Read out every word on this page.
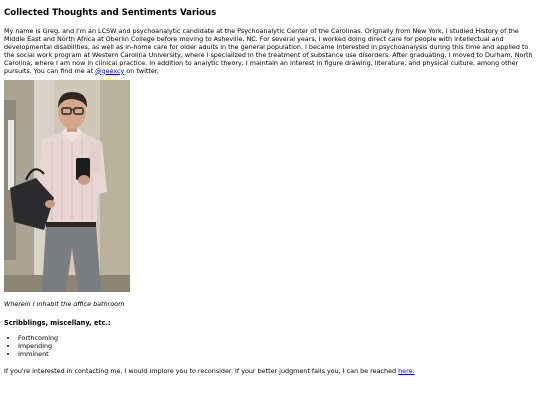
Collected Thoughts and Sentiments Various

My name is Greg, and I'm an LCSW and psychoanalytic candidate at the Psychoanalytic Center of the Carolinas. Orignally from New York, I studied History of the Middle East and North Africa at Oberlin College before moving to Asheville, NC. For several years, I worked doing direct care for people with intellectual and developmental disabilities, as well as in-home care for older adults in the general population. I became interested in psychoanalysis during this time and applied to the social work program at Western Carolina University, where I specialized in the treatment of substance use disorders. After graduating, I moved to Durham, North Carolina, where I am now in clinical practice. In addition to analytic theory, I maintain an interest in figure drawing, literature, and physical culture, among other pursuits. You can find me at @geexcy on twitter.

Wherein I inhabit the office bathroom

Scribblings, miscellany, etc.:
• Forthcoming
• Impending
• Imminent

If you're interested in contacting me, I would implore you to reconsider. If your better judgment fails you, I can be reached here.
